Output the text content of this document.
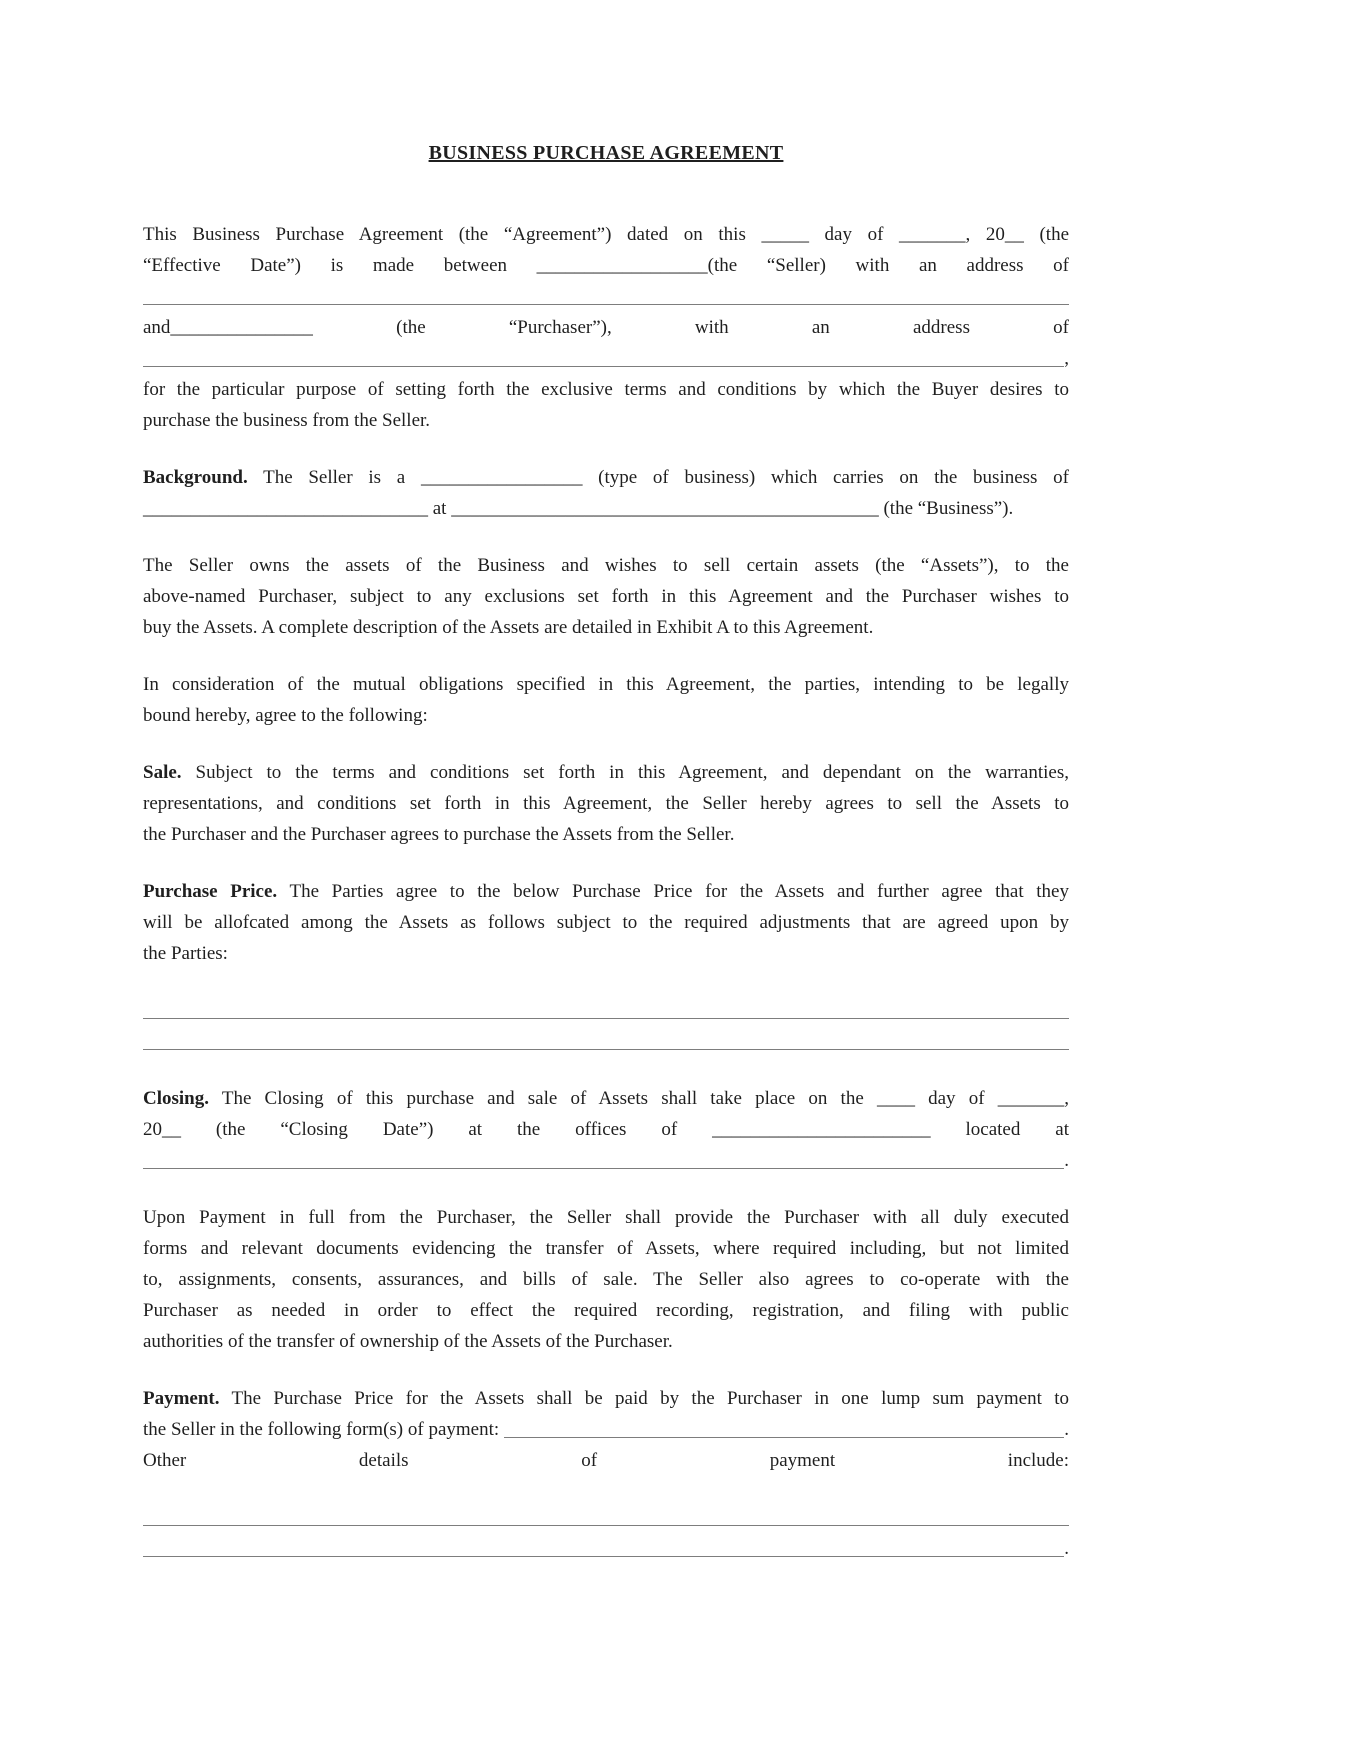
BUSINESS PURCHASE AGREEMENT
This Business Purchase Agreement (the “Agreement”) dated on this _____ day of _______, 20__ (the
“Effective Date”) is made between __________________(the “Seller) with an address of
and_______________ (the “Purchaser”), with an address of
,
for the particular purpose of setting forth the exclusive terms and conditions by which the Buyer desires to
purchase the business from the Seller.
Background. The Seller is a _________________ (type of business) which carries on the business of
______________________________ at _____________________________________________ (the “Business”).
The Seller owns the assets of the Business and wishes to sell certain assets (the “Assets”), to the
above-named Purchaser, subject to any exclusions set forth in this Agreement and the Purchaser wishes to
buy the Assets. A complete description of the Assets are detailed in Exhibit A to this Agreement.
In consideration of the mutual obligations specified in this Agreement, the parties, intending to be legally
bound hereby, agree to the following:
Sale. Subject to the terms and conditions set forth in this Agreement, and dependant on the warranties,
representations, and conditions set forth in this Agreement, the Seller hereby agrees to sell the Assets to
the Purchaser and the Purchaser agrees to purchase the Assets from the Seller.
Purchase Price. The Parties agree to the below Purchase Price for the Assets and further agree that they
will be allofcated among the Assets as follows subject to the required adjustments that are agreed upon by
the Parties:
Closing. The Closing of this purchase and sale of Assets shall take place on the ____ day of _______,
20__ (the “Closing Date”) at the offices of _______________________ located at
.
Upon Payment in full from the Purchaser, the Seller shall provide the Purchaser with all duly executed
forms and relevant documents evidencing the transfer of Assets, where required including, but not limited
to, assignments, consents, assurances, and bills of sale. The Seller also agrees to co-operate with the
Purchaser as needed in order to effect the required recording, registration, and filing with public
authorities of the transfer of ownership of the Assets of the Purchaser.
Payment. The Purchase Price for the Assets shall be paid by the Purchaser in one lump sum payment to
the Seller in the following form(s) of payment:	.
Other details of payment include:
.
